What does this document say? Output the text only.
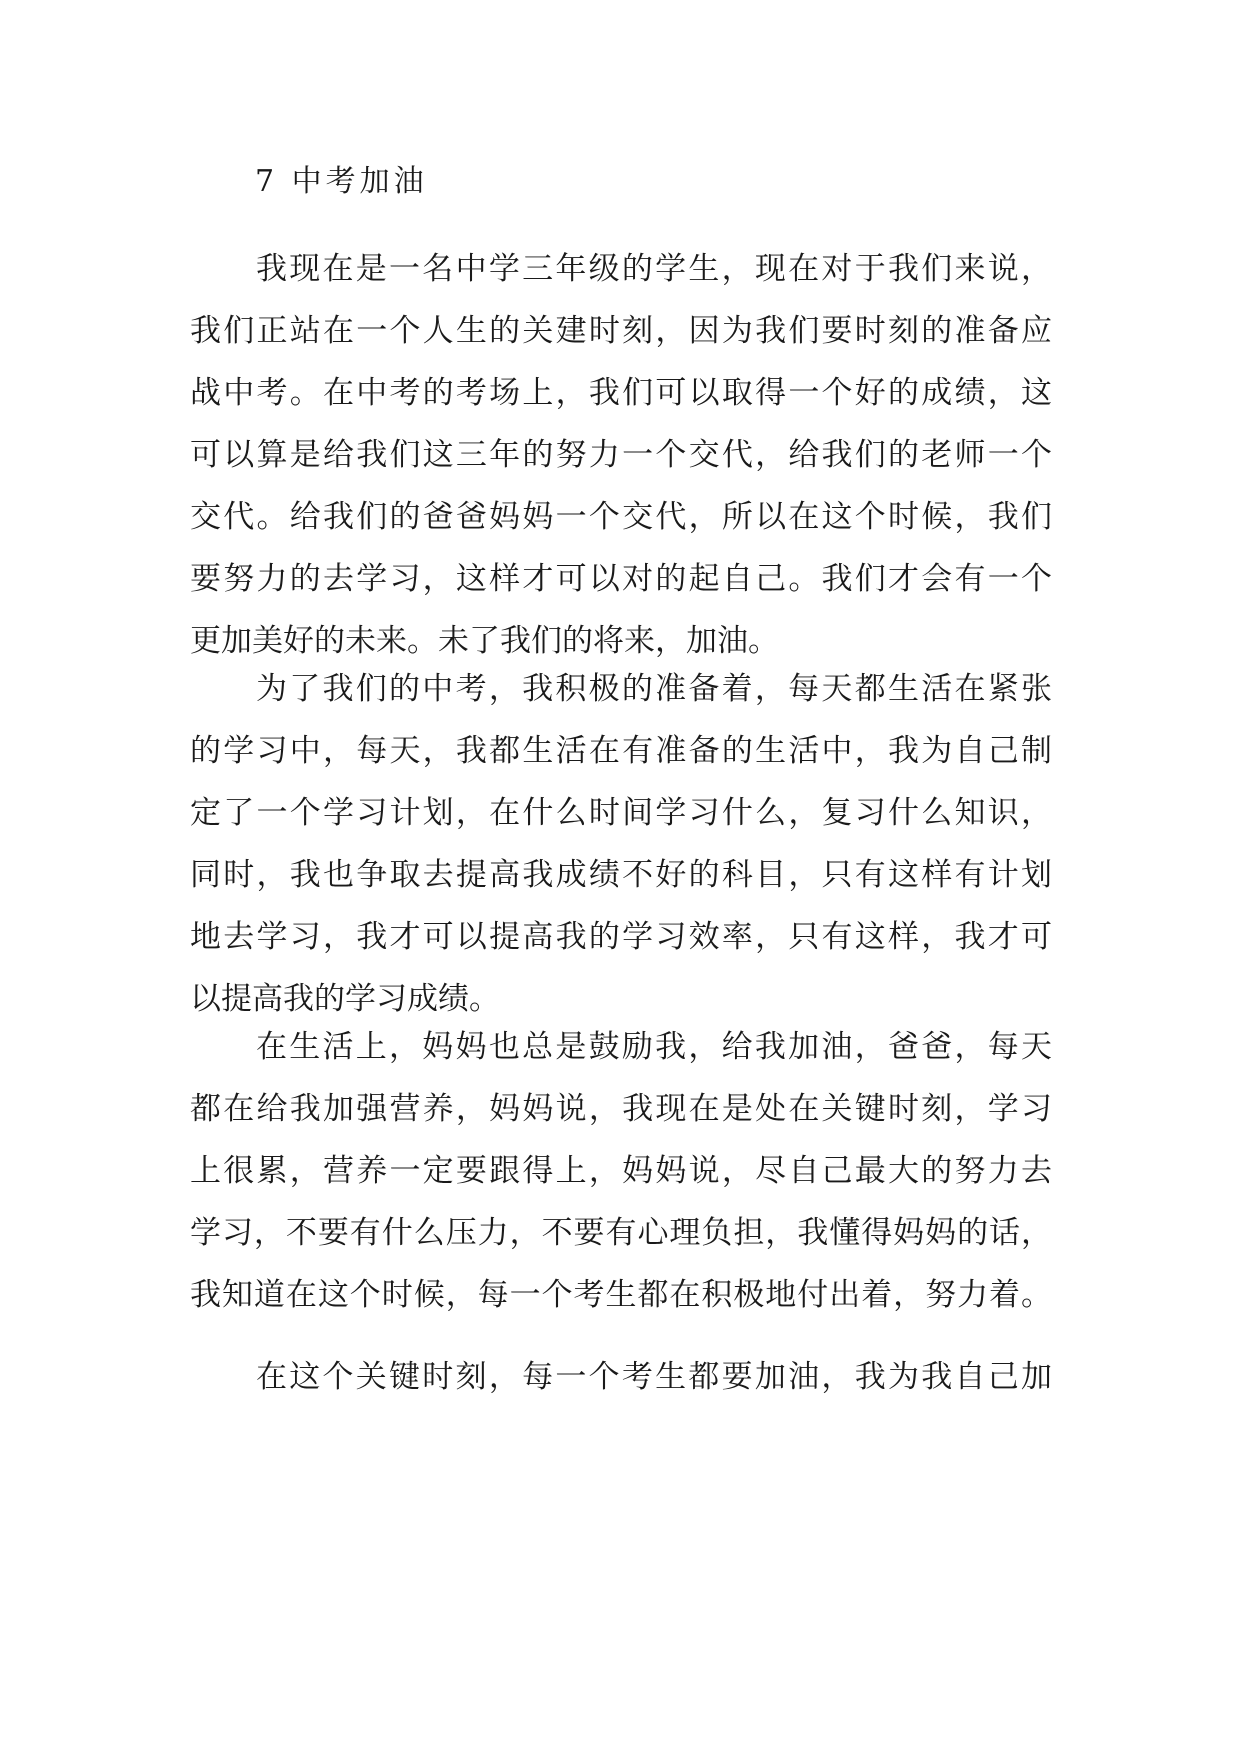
7 中考加油
我现在是一名中学三年级的学生，现在对于我们来说，
我们正站在一个人生的关建时刻，因为我们要时刻的准备应
战中考。在中考的考场上，我们可以取得一个好的成绩，这
可以算是给我们这三年的努力一个交代，给我们的老师一个
交代。给我们的爸爸妈妈一个交代，所以在这个时候，我们
要努力的去学习，这样才可以对的起自己。我们才会有一个
更加美好的未来。未了我们的将来，加油。
为了我们的中考，我积极的准备着，每天都生活在紧张
的学习中，每天，我都生活在有准备的生活中，我为自己制
定了一个学习计划，在什么时间学习什么，复习什么知识，
同时，我也争取去提高我成绩不好的科目，只有这样有计划
地去学习，我才可以提高我的学习效率，只有这样，我才可
以提高我的学习成绩。
在生活上，妈妈也总是鼓励我，给我加油，爸爸，每天
都在给我加强营养，妈妈说，我现在是处在关键时刻，学习
上很累，营养一定要跟得上，妈妈说，尽自己最大的努力去
学习，不要有什么压力，不要有心理负担，我懂得妈妈的话，
我知道在这个时候，每一个考生都在积极地付出着，努力着。
在这个关键时刻，每一个考生都要加油，我为我自己加
